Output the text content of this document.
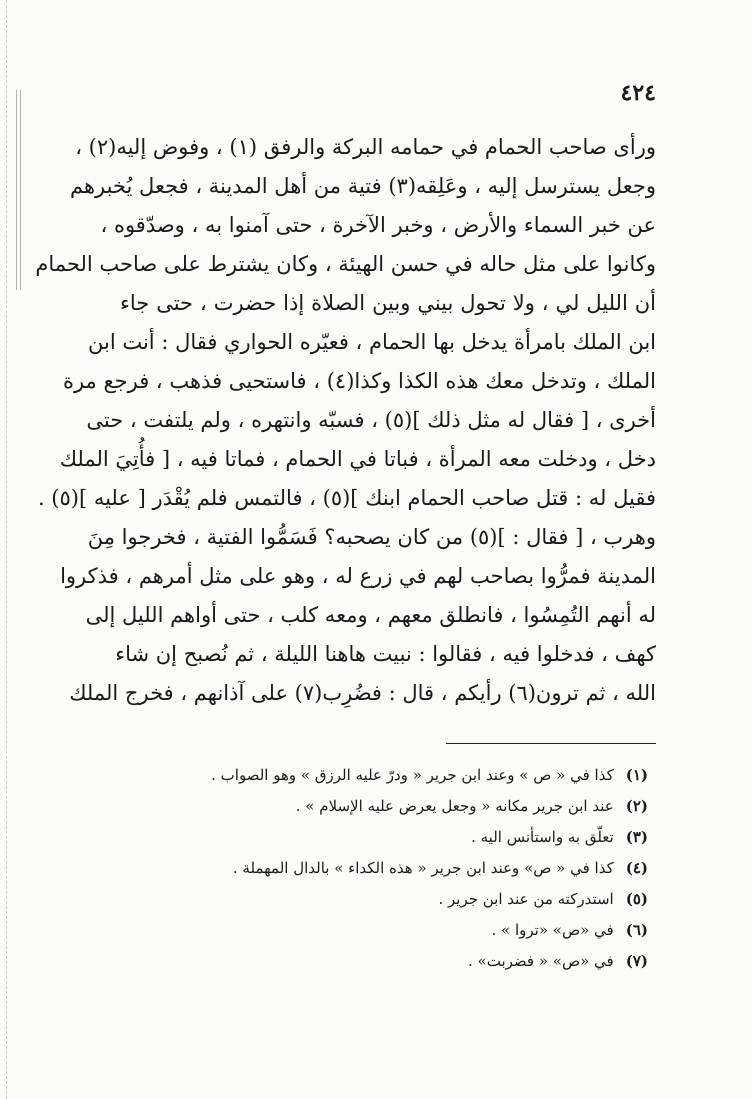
٤٢٤
ورأى صاحب الحمام في حمامه البركة والرفق (١) ، وفوض إليه(٢) ،
وجعل يسترسل إليه ، وعَلِقه(٣) فتية من أهل المدينة ، فجعل يُخبرهم
عن خبر السماء والأرض ، وخبر الآخرة ، حتى آمنوا به ، وصدّقوه ،
وكانوا على مثل حاله في حسن الهيئة ، وكان يشترط على صاحب الحمام
أن الليل لي ، ولا تحول بيني وبين الصلاة إذا حضرت ، حتى جاء
ابن الملك بامرأة يدخل بها الحمام ، فعيّره الحواري فقال : أنت ابن
الملك ، وتدخل معك هذه الكذا وكذا(٤) ، فاستحيى فذهب ، فرجع مرة
أخرى ، [ فقال له مثل ذلك ](٥) ، فسبّه وانتهره ، ولم يلتفت ، حتى
دخل ، ودخلت معه المرأة ، فباتا في الحمام ، فماتا فيه ، [ فأُتِيَ الملك
فقيل له : قتل صاحب الحمام ابنك ](٥) ، فالتمس فلم يُقْدَر [ عليه ](٥) .
وهرب ، [ فقال : ](٥) من كان يصحبه؟ فَسَمُّوا الفتية ، فخرجوا مِنَ
المدينة فمرُّوا بصاحب لهم في زرع له ، وهو على مثل أمرهم ، فذكروا
له أنهم التُمِسُوا ، فانطلق معهم ، ومعه كلب ، حتى أواهم الليل إلى
كهف ، فدخلوا فيه ، فقالوا : نبيت هاهنا الليلة ، ثم نُصبح إن شاء
الله ، ثم ترون(٦) رأيكم ، قال : فضُرِب(٧) على آذانهم ، فخرج الملك
(١)كذا في « ص » وعند ابن جرير « ودرّ عليه الرزق » وهو الصواب .
(٢)عند ابن جرير مكانه « وجعل يعرض عليه الإسلام » .
(٣)تعلّق به واستأنس اليه .
(٤)كذا في « ص» وعند ابن جرير « هذه الكداء » بالدال المهملة .
(٥)استدركته من عند ابن جرير .
(٦)في «ص» «تروا » .
(٧)في «ص» « فضربت» .
